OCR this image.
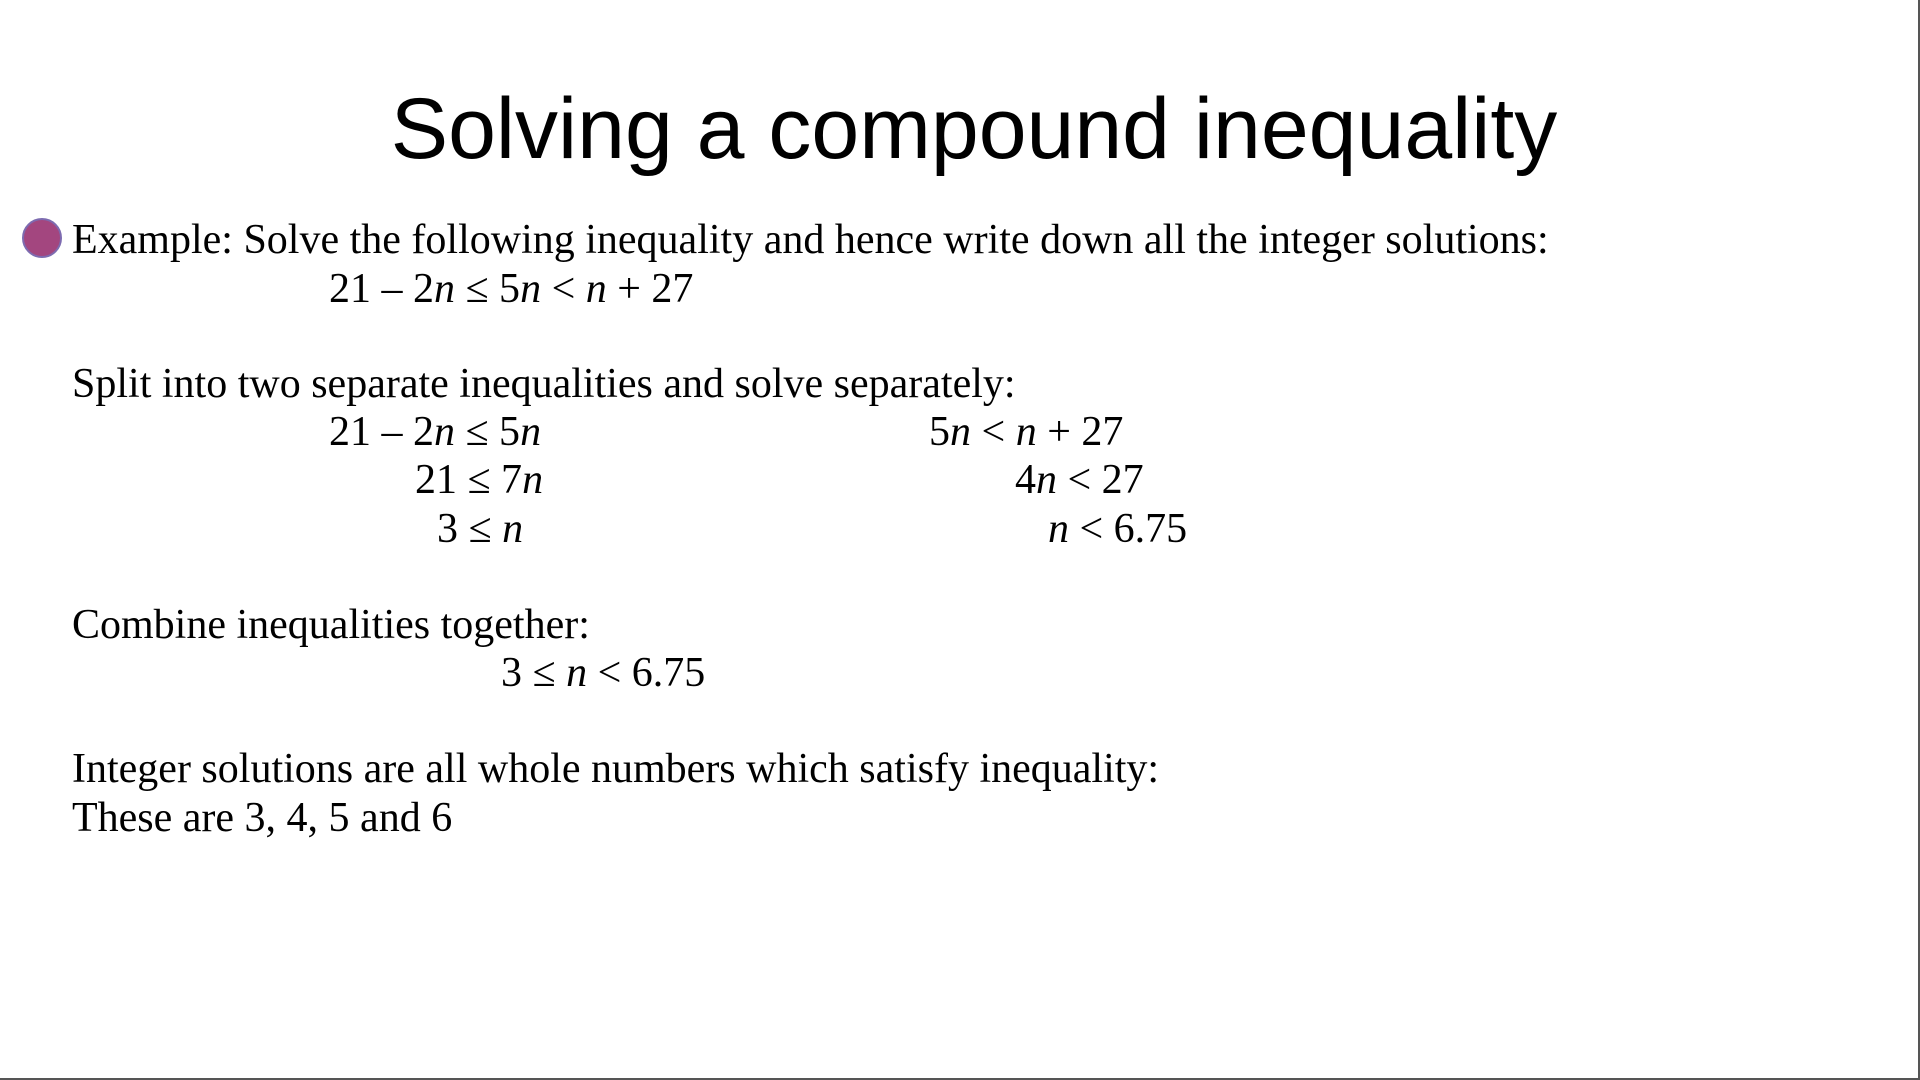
Solving a compound inequality
Example: Solve the following inequality and hence write down all the integer solutions:
21 – 2n ≤ 5n < n + 27
Split into two separate inequalities and solve separately:
21 – 2n ≤ 5n
21 ≤ 7n
3 ≤ n
5n < n + 27
4n < 27
n < 6.75
Combine inequalities together:
3 ≤ n < 6.75
Integer solutions are all whole numbers which satisfy inequality:
These are 3, 4, 5 and 6
